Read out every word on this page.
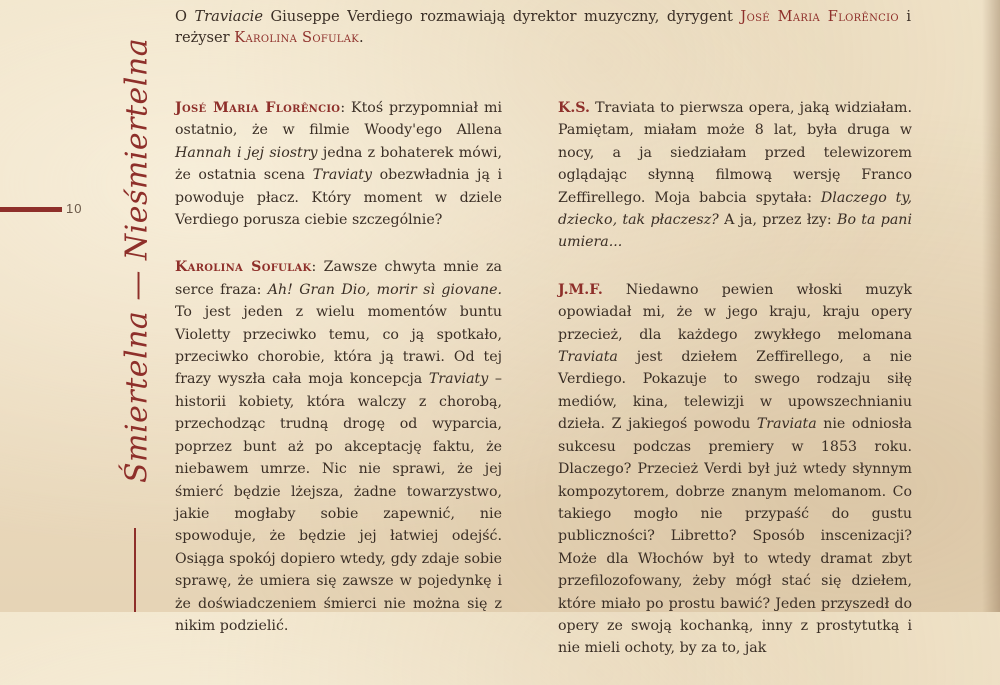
10 Śmiertelna — Nieśmiertelna
O Traviacie Giuseppe Verdiego rozmawiają dyrektor muzyczny, dyrygent José Maria Florêncio i reżyser Karolina Sofulak.

José Maria Florêncio: Ktoś przypomniał mi ostatnio, że w filmie Woody'ego Allena Hannah i jej siostry jedna z bohaterek mówi, że ostatnia scena Traviaty obezwładnia ją i powoduje płacz. Który moment w dziele Verdiego porusza ciebie szczególnie?

Karolina Sofulak: Zawsze chwyta mnie za serce fraza: Ah! Gran Dio, morir sì giovane. To jest jeden z wielu momentów buntu Violetty przeciwko temu, co ją spotkało, przeciwko chorobie, która ją trawi. Od tej frazy wyszła cała moja koncepcja Traviaty – historii kobiety, która walczy z chorobą, przechodząc trudną drogę od wyparcia, poprzez bunt aż po akceptację faktu, że niebawem umrze. Nic nie sprawi, że jej śmierć będzie lżejsza, żadne towarzystwo, jakie mogłaby sobie zapewnić, nie spowoduje, że będzie jej łatwiej odejść. Osiąga spokój dopiero wtedy, gdy zdaje sobie sprawę, że umiera się zawsze w pojedynkę i że doświadczeniem śmierci nie można się z nikim podzielić.

K.S. Traviata to pierwsza opera, jaką widziałam. Pamiętam, miałam może 8 lat, była druga w nocy, a ja siedziałam przed telewizorem oglądając słynną filmową wersję Franco Zeffirellego. Moja babcia spytała: Dlaczego ty, dziecko, tak płaczesz? A ja, przez łzy: Bo ta pani umiera...

J.M.F. Niedawno pewien włoski muzyk opowiadał mi, że w jego kraju, kraju opery przecież, dla każdego zwykłego melomana Traviata jest dziełem Zeffirellego, a nie Verdiego. Pokazuje to swego rodzaju siłę mediów, kina, telewizji w upowszechnianiu dzieła. Z jakiegoś powodu Traviata nie odniosła sukcesu podczas premiery w 1853 roku. Dlaczego? Przecież Verdi był już wtedy słynnym kompozytorem, dobrze znanym melomanom. Co takiego mogło nie przypaść do gustu publiczności? Libretto? Sposób inscenizacji? Może dla Włochów był to wtedy dramat zbyt przefilozofowany, żeby mógł stać się dziełem, które miało po prostu bawić? Jeden przyszedł do opery ze swoją kochanką, inny z prostytutką i nie mieli ochoty, by za to, jak
